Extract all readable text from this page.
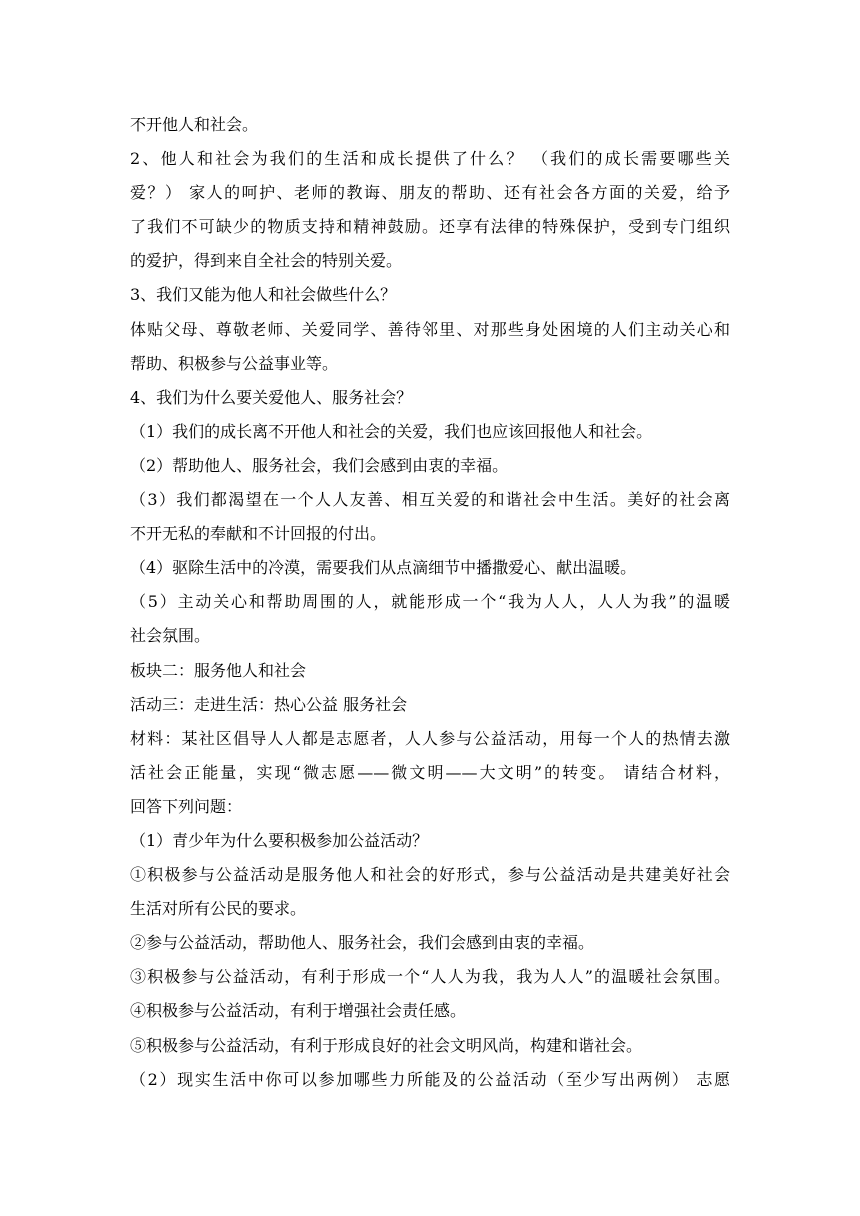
不开他人和社会。
2、他人和社会为我们的生活和成长提供了什么？ （我们的成长需要哪些关
爱？） 家人的呵护、老师的教诲、朋友的帮助、还有社会各方面的关爱，给予
了我们不可缺少的物质支持和精神鼓励。还享有法律的特殊保护，受到专门组织
的爱护，得到来自全社会的特别关爱。
3、我们又能为他人和社会做些什么？
体贴父母、尊敬老师、关爱同学、善待邻里、对那些身处困境的人们主动关心和
帮助、积极参与公益事业等。
4、我们为什么要关爱他人、服务社会？
（1）我们的成长离不开他人和社会的关爱，我们也应该回报他人和社会。
（2）帮助他人、服务社会，我们会感到由衷的幸福。
（3）我们都渴望在一个人人友善、相互关爱的和谐社会中生活。美好的社会离
不开无私的奉献和不计回报的付出。
（4）驱除生活中的冷漠，需要我们从点滴细节中播撒爱心、献出温暖。
（5）主动关心和帮助周围的人，就能形成一个“我为人人，人人为我”的温暖
社会氛围。
板块二：服务他人和社会
活动三：走进生活：热心公益 服务社会
材料：某社区倡导人人都是志愿者，人人参与公益活动，用每一个人的热情去激
活社会正能量，实现“微志愿——微文明——大文明”的转变。 请结合材料，
回答下列问题：
（1）青少年为什么要积极参加公益活动？
①积极参与公益活动是服务他人和社会的好形式，参与公益活动是共建美好社会
生活对所有公民的要求。
②参与公益活动，帮助他人、服务社会，我们会感到由衷的幸福。
③积极参与公益活动，有利于形成一个“人人为我，我为人人”的温暖社会氛围。
④积极参与公益活动，有利于增强社会责任感。
⑤积极参与公益活动，有利于形成良好的社会文明风尚，构建和谐社会。
（2）现实生活中你可以参加哪些力所能及的公益活动（至少写出两例） 志愿
